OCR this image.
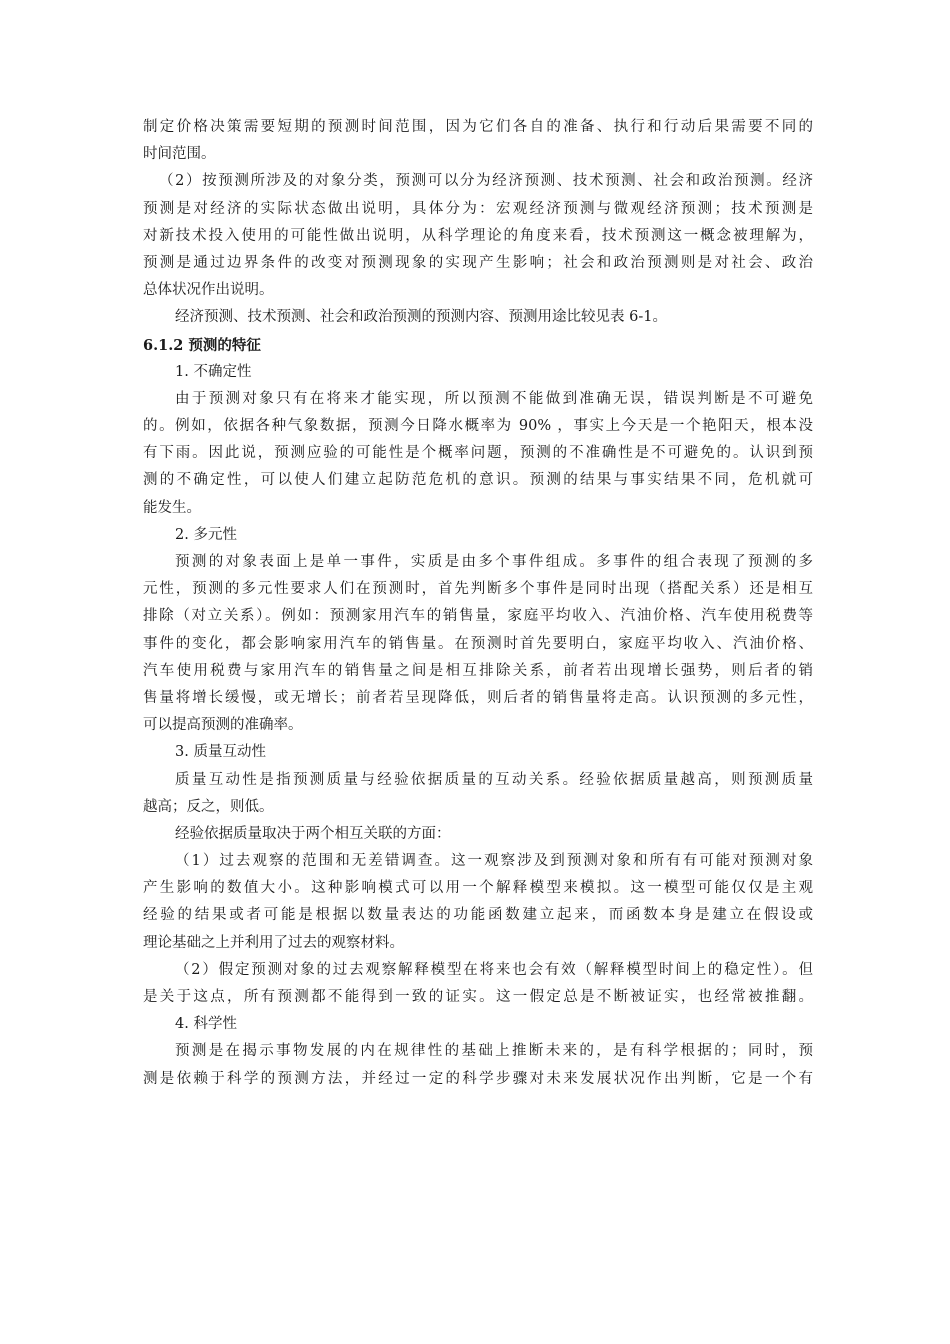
制定价格决策需要短期的预测时间范围，因为它们各自的准备、执行和行动后果需要不同的
时间范围。
（2）按预测所涉及的对象分类，预测可以分为经济预测、技术预测、社会和政治预测。经济
预测是对经济的实际状态做出说明，具体分为：宏观经济预测与微观经济预测；技术预测是
对新技术投入使用的可能性做出说明，从科学理论的角度来看，技术预测这一概念被理解为，
预测是通过边界条件的改变对预测现象的实现产生影响；社会和政治预测则是对社会、政治
总体状况作出说明。
经济预测、技术预测、社会和政治预测的预测内容、预测用途比较见表 6-1。
6.1.2 预测的特征
1. 不确定性
由于预测对象只有在将来才能实现，所以预测不能做到准确无误，错误判断是不可避免
的。例如，依据各种气象数据，预测今日降水概率为 90% ，事实上今天是一个艳阳天，根本没
有下雨。因此说，预测应验的可能性是个概率问题，预测的不准确性是不可避免的。认识到预
测的不确定性，可以使人们建立起防范危机的意识。预测的结果与事实结果不同，危机就可
能发生。
2. 多元性
预测的对象表面上是单一事件，实质是由多个事件组成。多事件的组合表现了预测的多
元性，预测的多元性要求人们在预测时，首先判断多个事件是同时出现（搭配关系）还是相互
排除（对立关系）。例如：预测家用汽车的销售量，家庭平均收入、汽油价格、汽车使用税费等
事件的变化，都会影响家用汽车的销售量。在预测时首先要明白，家庭平均收入、汽油价格、
汽车使用税费与家用汽车的销售量之间是相互排除关系，前者若出现增长强势，则后者的销
售量将增长缓慢，或无增长；前者若呈现降低，则后者的销售量将走高。认识预测的多元性，
可以提高预测的准确率。
3. 质量互动性
质量互动性是指预测质量与经验依据质量的互动关系。经验依据质量越高，则预测质量
越高；反之，则低。
经验依据质量取决于两个相互关联的方面：
（1）过去观察的范围和无差错调查。这一观察涉及到预测对象和所有有可能对预测对象
产生影响的数值大小。这种影响模式可以用一个解释模型来模拟。这一模型可能仅仅是主观
经验的结果或者可能是根据以数量表达的功能函数建立起来，而函数本身是建立在假设或
理论基础之上并利用了过去的观察材料。
（2）假定预测对象的过去观察解释模型在将来也会有效（解释模型时间上的稳定性）。但
是关于这点，所有预测都不能得到一致的证实。这一假定总是不断被证实，也经常被推翻。
4. 科学性
预测是在揭示事物发展的内在规律性的基础上推断未来的，是有科学根据的；同时，预
测是依赖于科学的预测方法，并经过一定的科学步骤对未来发展状况作出判断，它是一个有
